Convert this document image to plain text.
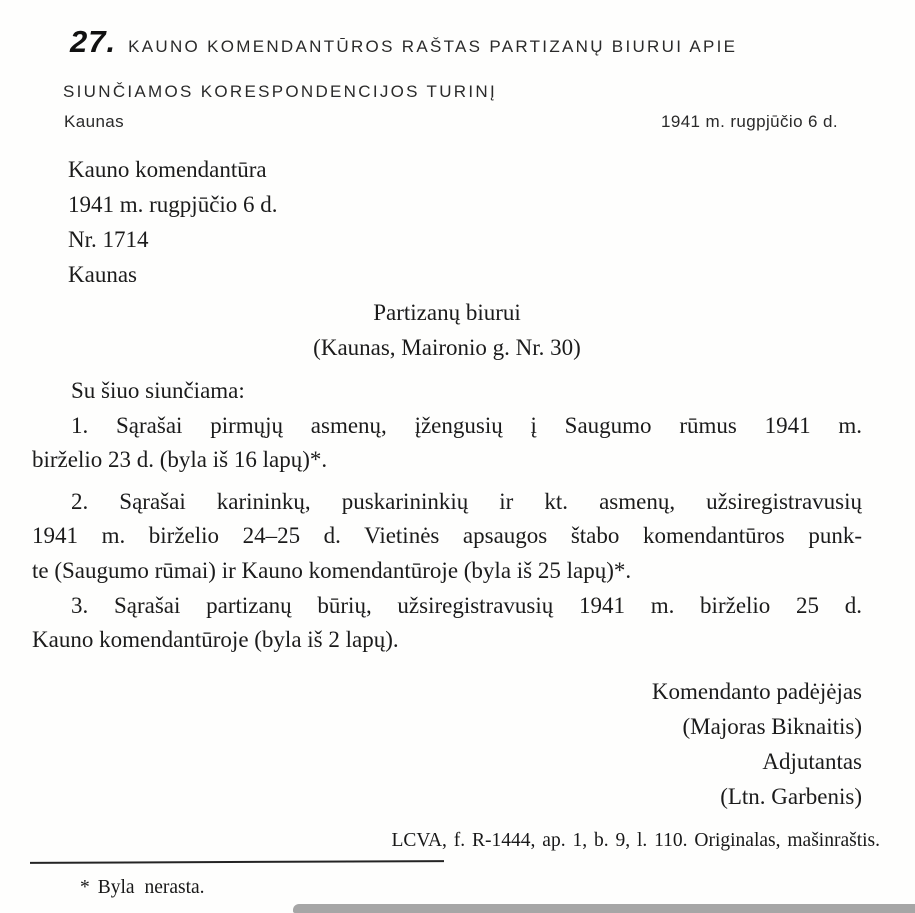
27. KAUNO KOMENDANTŪROS RAŠTAS PARTIZANŲ BIURUI APIE
SIUNČIAMOS KORESPONDENCIJOS TURINĮ
Kaunas	1941 m. rugpjūčio 6 d.
Kauno komendantūra
1941 m. rugpjūčio 6 d.
Nr. 1714
Kaunas
Partizanų biurui
(Kaunas, Maironio g. Nr. 30)
Su šiuo siunčiama:
1. Sąrašai pirmųjų asmenų, įžengusių į Saugumo rūmus 1941 m.
birželio 23 d. (byla iš 16 lapų)*.
2. Sąrašai karininkų, puskarininkių ir kt. asmenų, užsiregistravusių
1941 m. birželio 24–25 d. Vietinės apsaugos štabo komendantūros punk-
te (Saugumo rūmai) ir Kauno komendantūroje (byla iš 25 lapų)*.
3. Sąrašai partizanų būrių, užsiregistravusių 1941 m. birželio 25 d.
Kauno komendantūroje (byla iš 2 lapų).
Komendanto padėjėjas
(Majoras Biknaitis)
Adjutantas
(Ltn. Garbenis)
LCVA, f. R-1444, ap. 1, b. 9, l. 110. Originalas, mašinraštis.
* Byla nerasta.
